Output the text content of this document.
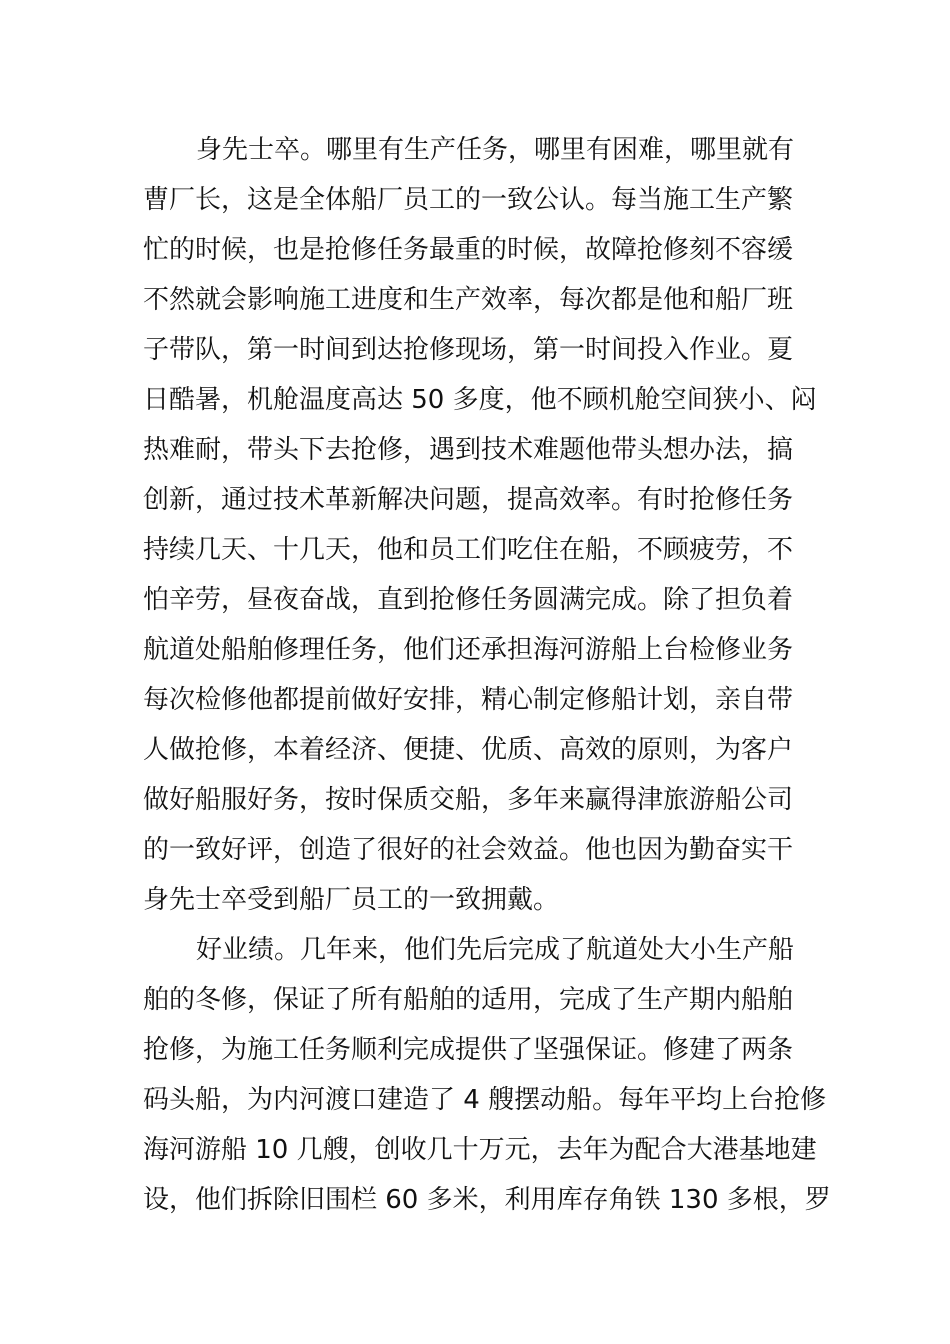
身先士卒。哪里有生产任务，哪里有困难，哪里就有
曹厂长，这是全体船厂员工的一致公认。每当施工生产繁
忙的时候，也是抢修任务最重的时候，故障抢修刻不容缓
不然就会影响施工进度和生产效率，每次都是他和船厂班
子带队，第一时间到达抢修现场，第一时间投入作业。夏
日酷暑，机舱温度高达 50 多度，他不顾机舱空间狭小、闷
热难耐，带头下去抢修，遇到技术难题他带头想办法，搞
创新，通过技术革新解决问题，提高效率。有时抢修任务
持续几天、十几天，他和员工们吃住在船，不顾疲劳，不
怕辛劳，昼夜奋战，直到抢修任务圆满完成。除了担负着
航道处船舶修理任务，他们还承担海河游船上台检修业务
每次检修他都提前做好安排，精心制定修船计划，亲自带
人做抢修，本着经济、便捷、优质、高效的原则，为客户
做好船服好务，按时保质交船，多年来赢得津旅游船公司
的一致好评，创造了很好的社会效益。他也因为勤奋实干
身先士卒受到船厂员工的一致拥戴。
好业绩。几年来，他们先后完成了航道处大小生产船
舶的冬修，保证了所有船舶的适用，完成了生产期内船舶
抢修，为施工任务顺利完成提供了坚强保证。修建了两条
码头船，为内河渡口建造了 4 艘摆动船。每年平均上台抢修
海河游船 10 几艘，创收几十万元，去年为配合大港基地建
设，他们拆除旧围栏 60 多米，利用库存角铁 130 多根，罗
